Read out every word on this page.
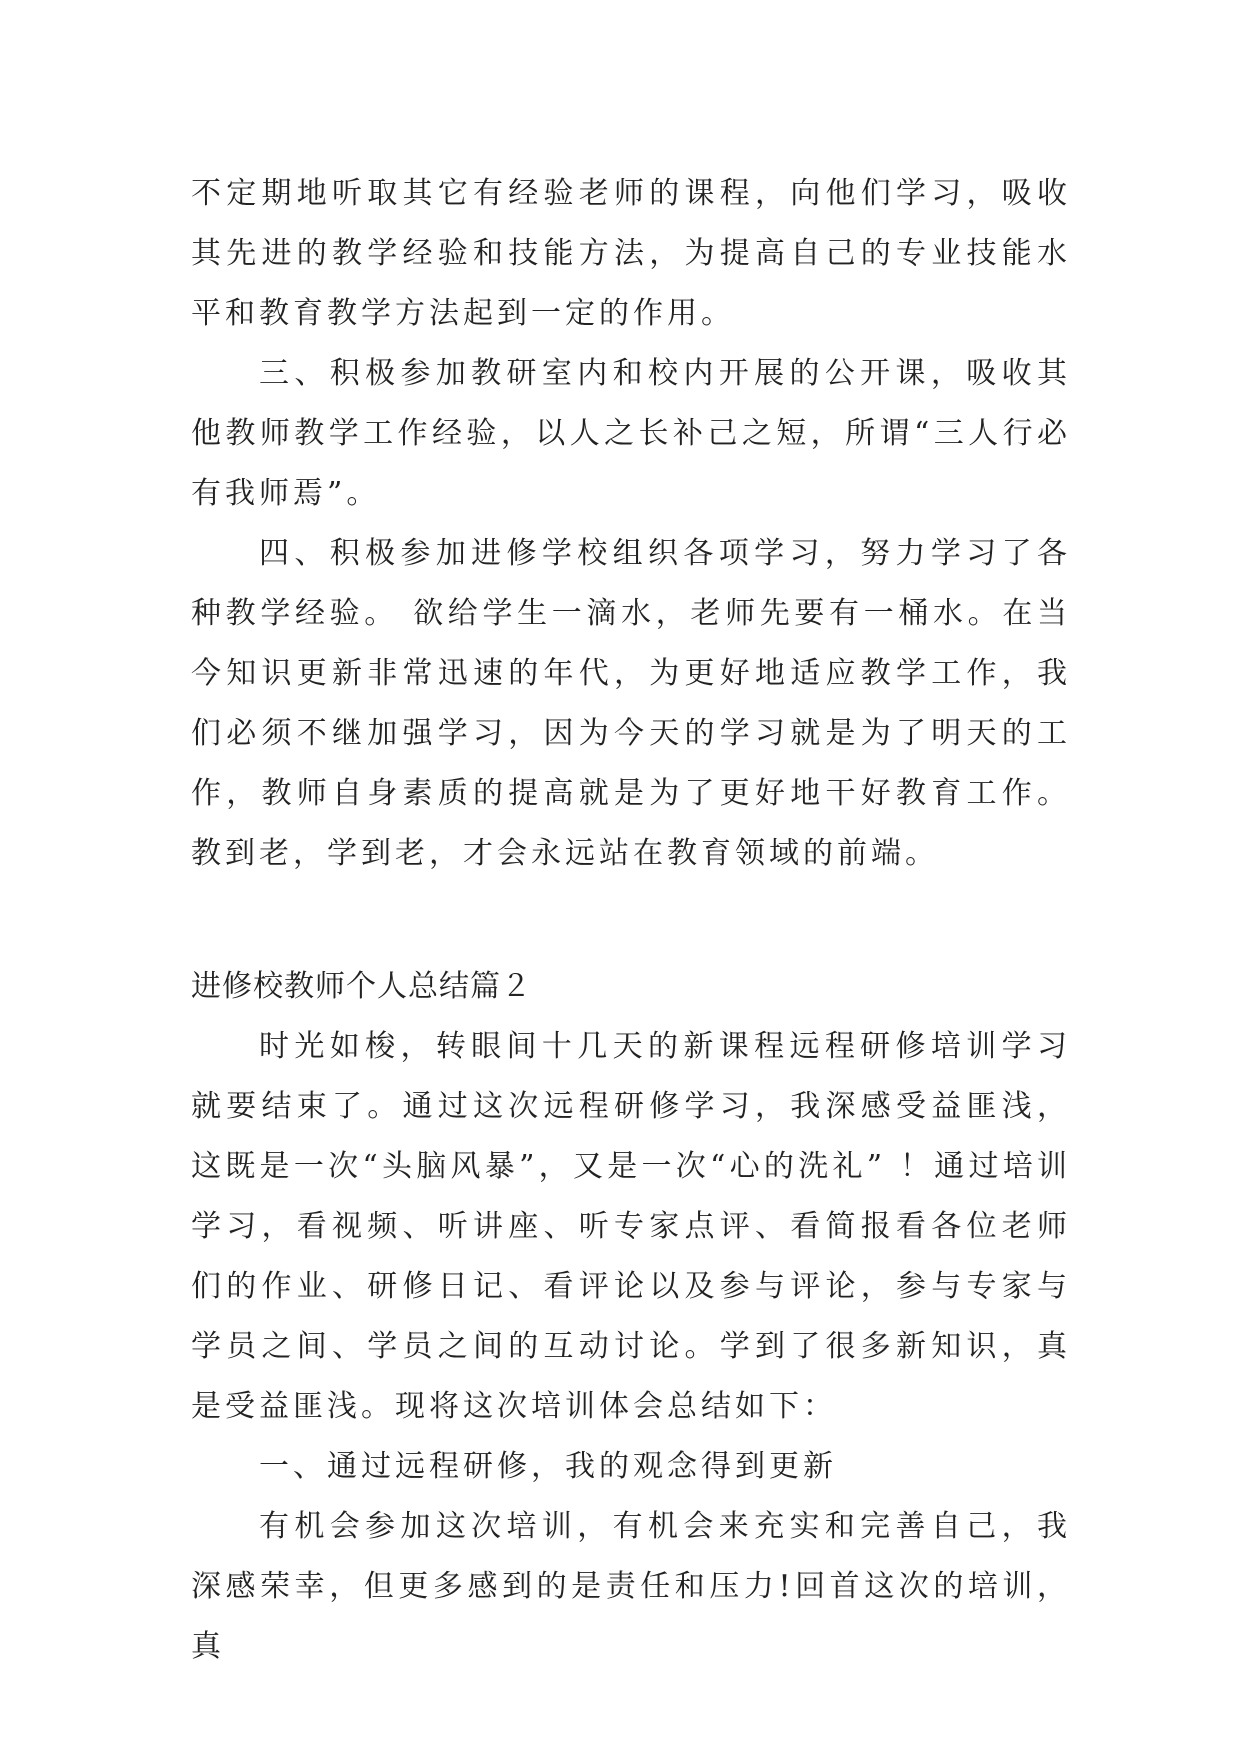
不定期地听取其它有经验老师的课程，向他们学习，吸收其先进的教学经验和技能方法，为提高自己的专业技能水平和教育教学方法起到一定的作用。

三、积极参加教研室内和校内开展的公开课，吸收其他教师教学工作经验，以人之长补己之短，所谓“三人行必有我师焉”。

四、积极参加进修学校组织各项学习，努力学习了各种教学经验。 欲给学生一滴水，老师先要有一桶水。在当今知识更新非常迅速的年代，为更好地适应教学工作，我们必须不继加强学习，因为今天的学习就是为了明天的工作，教师自身素质的提高就是为了更好地干好教育工作。教到老，学到老，才会永远站在教育领域的前端。

进修校教师个人总结篇２

时光如梭，转眼间十几天的新课程远程研修培训学习就要结束了。通过这次远程研修学习，我深感受益匪浅，这既是一次“头脑风暴”，又是一次“心的洗礼” ！通过培训学习，看视频、听讲座、听专家点评、看简报看各位老师们的作业、研修日记、看评论以及参与评论，参与专家与学员之间、学员之间的互动讨论。学到了很多新知识，真是受益匪浅。现将这次培训体会总结如下：

一、通过远程研修，我的观念得到更新

有机会参加这次培训，有机会来充实和完善自己，我深感荣幸，但更多感到的是责任和压力!回首这次的培训，真
